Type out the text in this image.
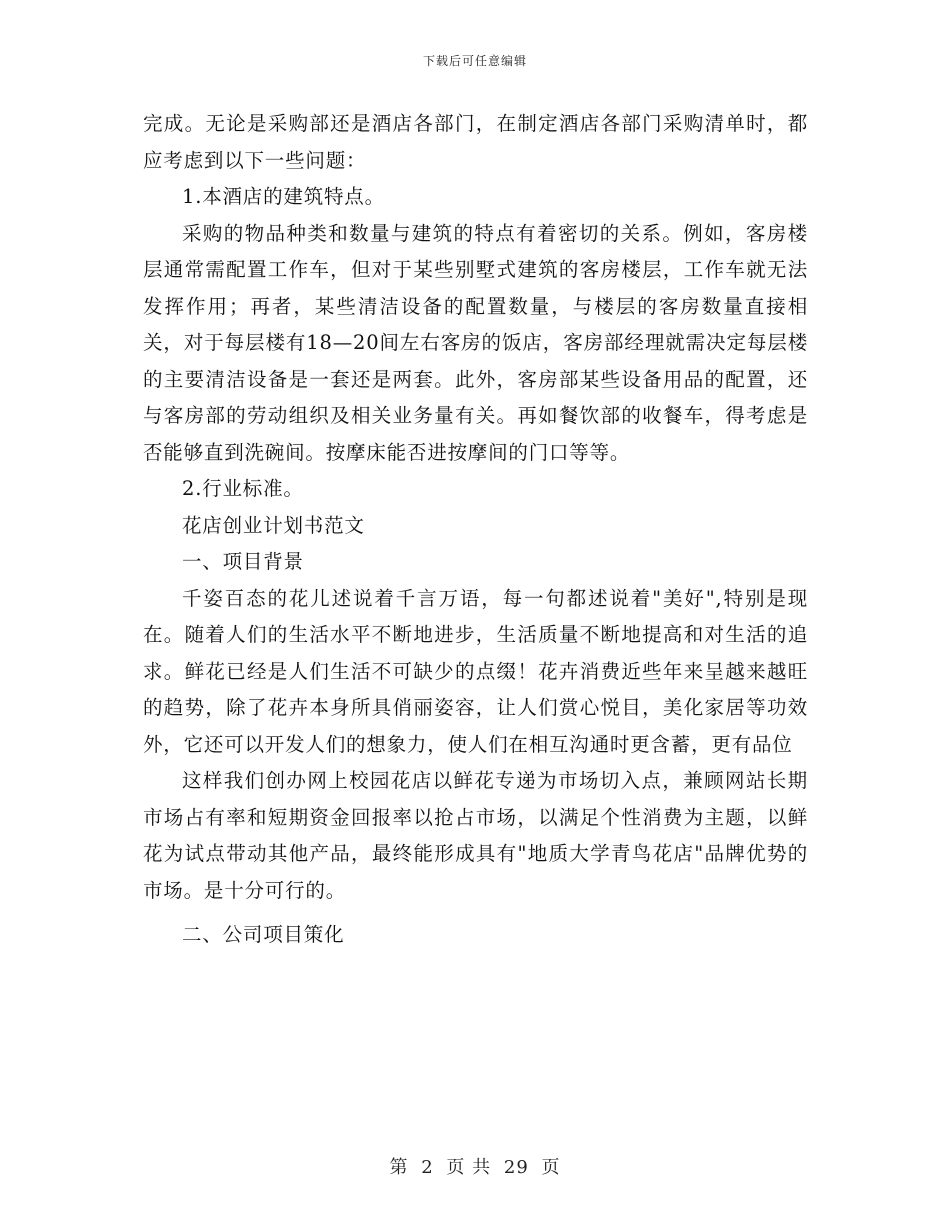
下载后可任意编辑

完成。无论是采购部还是酒店各部门，在制定酒店各部门采购清单时，都应考虑到以下一些问题：

1.本酒店的建筑特点。

采购的物品种类和数量与建筑的特点有着密切的关系。例如，客房楼层通常需配置工作车，但对于某些别墅式建筑的客房楼层，工作车就无法发挥作用；再者，某些清洁设备的配置数量，与楼层的客房数量直接相关，对于每层楼有18—20间左右客房的饭店，客房部经理就需决定每层楼的主要清洁设备是一套还是两套。此外，客房部某些设备用品的配置，还与客房部的劳动组织及相关业务量有关。再如餐饮部的收餐车，得考虑是否能够直到洗碗间。按摩床能否进按摩间的门口等等。

2.行业标准。

花店创业计划书范文

一、项目背景

千姿百态的花儿述说着千言万语，每一句都述说着"美好",特别是现在。随着人们的生活水平不断地进步，生活质量不断地提高和对生活的追求。鲜花已经是人们生活不可缺少的点缀！花卉消费近些年来呈越来越旺的趋势，除了花卉本身所具俏丽姿容，让人们赏心悦目，美化家居等功效外，它还可以开发人们的想象力，使人们在相互沟通时更含蓄，更有品位

这样我们创办网上校园花店以鲜花专递为市场切入点，兼顾网站长期市场占有率和短期资金回报率以抢占市场，以满足个性消费为主题，以鲜花为试点带动其他产品，最终能形成具有"地质大学青鸟花店"品牌优势的市场。是十分可行的。

二、公司项目策化

第 2 页 共 29 页
